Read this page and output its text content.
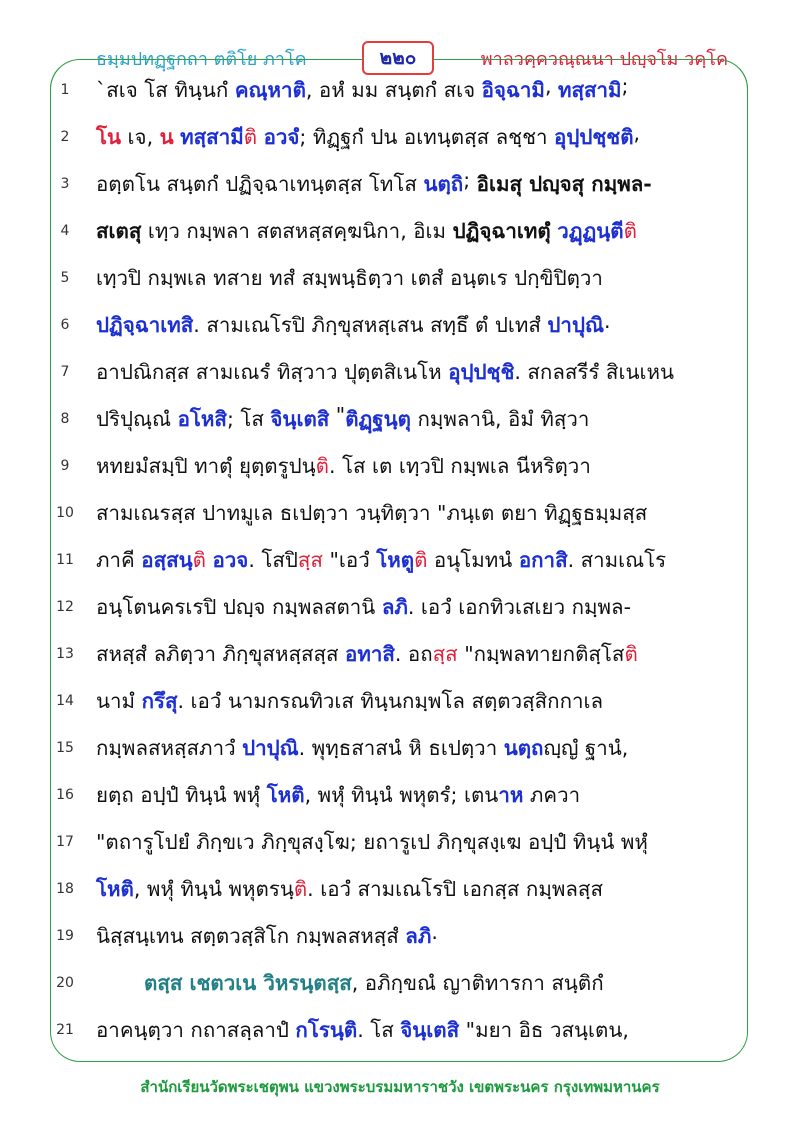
ธมฺมปทฏฺฐกถา ตติโย ภาโค	๒๒๐	พาลวคฺควณฺณนา ปญฺจโม วคฺโค
1	`สเจ โส ทินฺนกํ คณฺหาติ , อหํ มม สนฺตกํ สเจ อิจฺฉามิ , ทสฺสามิ ;
2	โน เจ, น
ทสฺสามี ติ
อวจํ ; ทิฏฺฐกํ ปน อเทนฺตสฺส ลชฺชา อุปฺปชฺชติ ,
3	อตฺตโน สนฺตกํ ปฏิจฺฉาเทนฺตสฺส โทโส นตฺถิ ; อิเมสุ ปญฺจสุ กมฺพล-
4	สเตสุ เทฺว กมฺพลา สตสหสฺสคฺฆนิกา, อิเม ปฏิจฺฉาเทตุํ
วฏฺฏนฺ ตี ติ
5	เทฺวปิ กมฺพเล ทสาย ทสํ สมฺพนฺธิตฺวา เตสํ อนฺตเร ปกฺขิปิตฺวา
6	ปฏิจฺฉาเทสิ . สามเณโรปิ ภิกฺขุสหสฺเสน สทฺธึ ตํ ปเทสํ ปาปุณิ .
7	อาปณิกสฺส สามเณรํ ทิสฺวาว ปุตฺตสิเนโห อุปฺปชฺชิ . สกลสรีรํ สิเนเหน
8	ปริปุณฺณํ อโหสิ ; โส จินฺเตสิ " ติฏฺฐนฺตุ กมฺพลานิ, อิมํ ทิสฺวา
9	หทยมํสมฺปิ ทาตุํ ยุตฺตรูปนฺ ติ . โส เต เทฺวปิ กมฺพเล นีหริตฺวา
10 สามเณรสฺส ปาทมูเล ธเปตฺวา วนฺทิตฺวา "ภนฺเต ตยา ทิฏฺฐธมฺมสฺส
11 ภาคี อสฺสนฺ ติ
อวจ . โสปิ สฺส "เอวํ โหตู ติ อนุโมทนํ อกาสิ . สามเณโร
12 อนฺโตนครเรปิ ปญฺจ กมฺพลสตานิ ลภิ . เอวํ เอกทิวเสเยว กมฺพล-
13 สหสฺสํ ลภิตฺวา ภิกฺขุสหสฺสสฺส อทาสิ . อถ สฺส "กมฺพลทายกติสฺโส ติ
14 นามํ กรึสุ . เอวํ นามกรณทิวเส ทินฺนกมฺพโล สตฺตวสฺสิกกาเล
15 กมฺพลสหสฺสภาวํ ปาปุณิ . พุทฺธสาสนํ หิ ธเปตฺวา นตฺถ ญฺญํ ฐานํ,
16 ยตฺถ อปฺปํ ทินฺนํ พหุํ โหติ , พหุํ ทินฺนํ พหุตรํ; เตน าห ภควา
17 "ตถารูโปยํ ภิกฺขเว ภิกฺขุสงฺโฆ; ยถารูเป ภิกฺขุสงฺเฆ อปฺปํ ทินฺนํ พหุํ
18 โหติ , พหุํ ทินฺนํ พหุตรนฺ ติ . เอวํ สามเณโรปิ เอกสฺส กมฺพลสฺส
19 นิสฺสนฺเทน สตฺตวสฺสิโก กมฺพลสหสฺสํ ลภิ .
20	ตสฺส เชตวเน วิหรนฺตสฺส , อภิกฺขณํ ญาติทารกา สนฺติกํ
21 อาคนฺตฺวา กถาสลฺลาปํ กโรนฺติ . โส จินฺเตสิ "มยา อิธ วสนฺเตน,
สำนักเรียนวัดพระเชตุพน แขวงพระบรมมหาราชวัง เขตพระนคร กรุงเทพมหานคร
